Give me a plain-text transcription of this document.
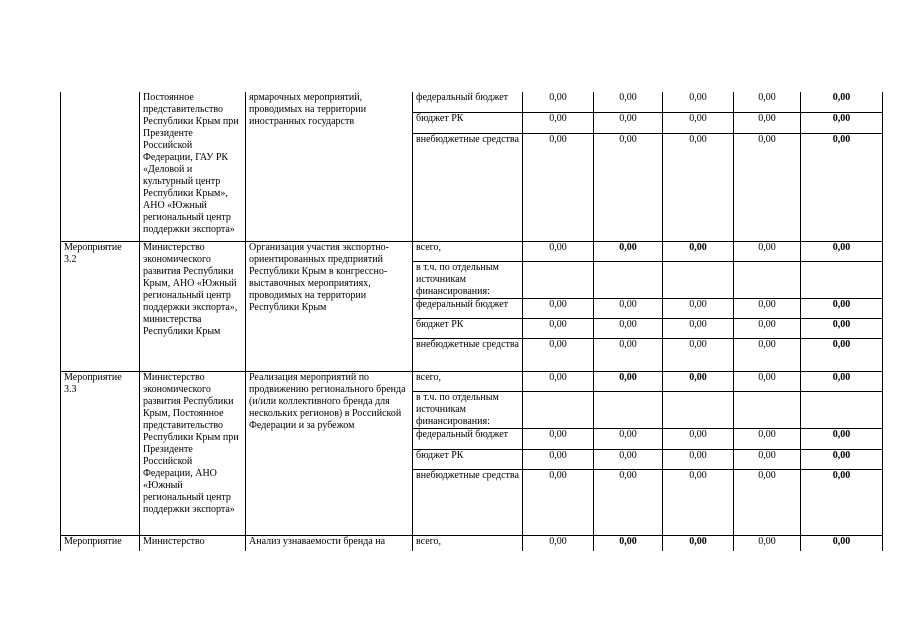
	Постоянное представительство Республики Крым при Президенте Российской Федерации, ГАУ РК «Деловой и культурный центр Республики Крым», АНО «Южный региональный центр поддержки экспорта»	ярмарочных мероприятий, проводимых на территории иностранных государств	федеральный бюджет	0,00	0,00	0,00	0,00	0,00
			бюджет РК	0,00	0,00	0,00	0,00	0,00
			внебюджетные средства	0,00	0,00	0,00	0,00	0,00
Мероприятие 3.2	Министерство экономического развития Республики Крым, АНО «Южный региональный центр поддержки экспорта», министерства Республики Крым	Организация участия экспортно-ориентированных предприятий Республики Крым в конгрессно-выставочных мероприятиях, проводимых на территории Республики Крым	всего,	0,00	0,00	0,00	0,00	0,00
			в т.ч. по отдельным источникам финансирования:					
			федеральный бюджет	0,00	0,00	0,00	0,00	0,00
			бюджет РК	0,00	0,00	0,00	0,00	0,00
			внебюджетные средства	0,00	0,00	0,00	0,00	0,00
Мероприятие 3.3	Министерство экономического развития Республики Крым, Постоянное представительство Республики Крым при Президенте Российской Федерации, АНО «Южный региональный центр поддержки экспорта»	Реализация мероприятий по продвижению регионального бренда (и/или коллективного бренда для нескольких регионов) в Российской Федерации и за рубежом	всего,	0,00	0,00	0,00	0,00	0,00
			в т.ч. по отдельным источникам финансирования:					
			федеральный бюджет	0,00	0,00	0,00	0,00	0,00
			бюджет РК	0,00	0,00	0,00	0,00	0,00
			внебюджетные средства	0,00	0,00	0,00	0,00	0,00
Мероприятие	Министерство	Анализ узнаваемости бренда на	всего,	0,00	0,00	0,00	0,00	0,00
